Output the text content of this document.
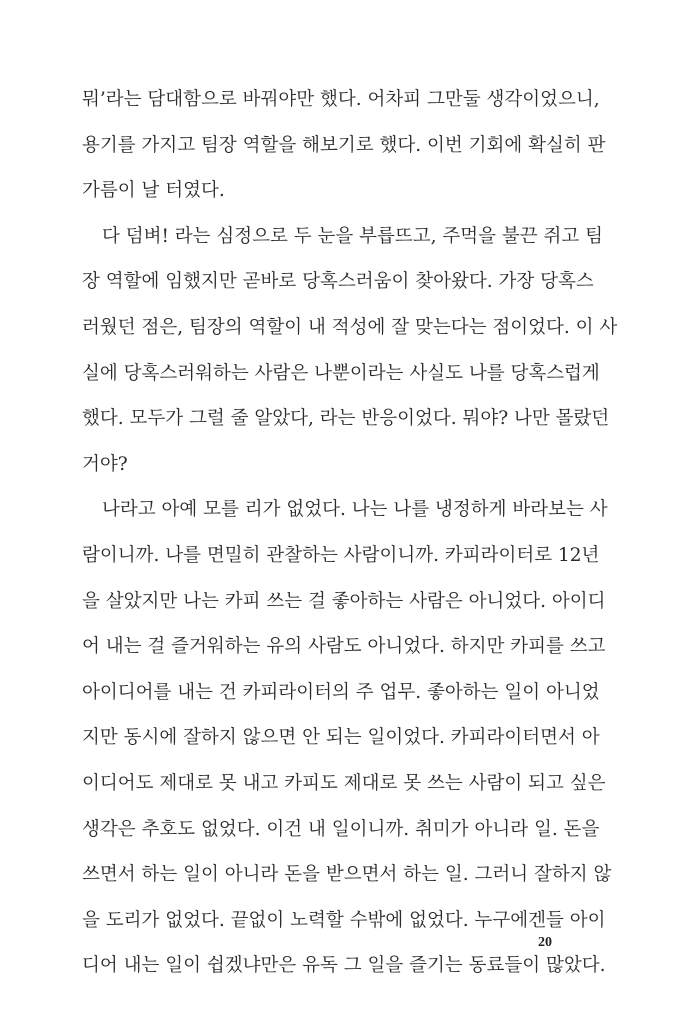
뭐’라는 담대함으로 바꿔야만 했다. 어차피 그만둘 생각이었으니,
용기를 가지고 팀장 역할을 해보기로 했다. 이번 기회에 확실히 판
가름이 날 터였다.
다 덤벼! 라는 심정으로 두 눈을 부릅뜨고, 주먹을 불끈 쥐고 팀
장 역할에 임했지만 곧바로 당혹스러움이 찾아왔다. 가장 당혹스
러웠던 점은, 팀장의 역할이 내 적성에 잘 맞는다는 점이었다. 이 사
실에 당혹스러워하는 사람은 나뿐이라는 사실도 나를 당혹스럽게
했다. 모두가 그럴 줄 알았다, 라는 반응이었다. 뭐야? 나만 몰랐던
거야?
나라고 아예 모를 리가 없었다. 나는 나를 냉정하게 바라보는 사
람이니까. 나를 면밀히 관찰하는 사람이니까. 카피라이터로 12년
을 살았지만 나는 카피 쓰는 걸 좋아하는 사람은 아니었다. 아이디
어 내는 걸 즐거워하는 유의 사람도 아니었다. 하지만 카피를 쓰고
아이디어를 내는 건 카피라이터의 주 업무. 좋아하는 일이 아니었
지만 동시에 잘하지 않으면 안 되는 일이었다. 카피라이터면서 아
이디어도 제대로 못 내고 카피도 제대로 못 쓰는 사람이 되고 싶은
생각은 추호도 없었다. 이건 내 일이니까. 취미가 아니라 일. 돈을
쓰면서 하는 일이 아니라 돈을 받으면서 하는 일. 그러니 잘하지 않
을 도리가 없었다. 끝없이 노력할 수밖에 없었다. 누구에겐들 아이
디어 내는 일이 쉽겠냐만은 유독 그 일을 즐기는 동료들이 많았다.
20
